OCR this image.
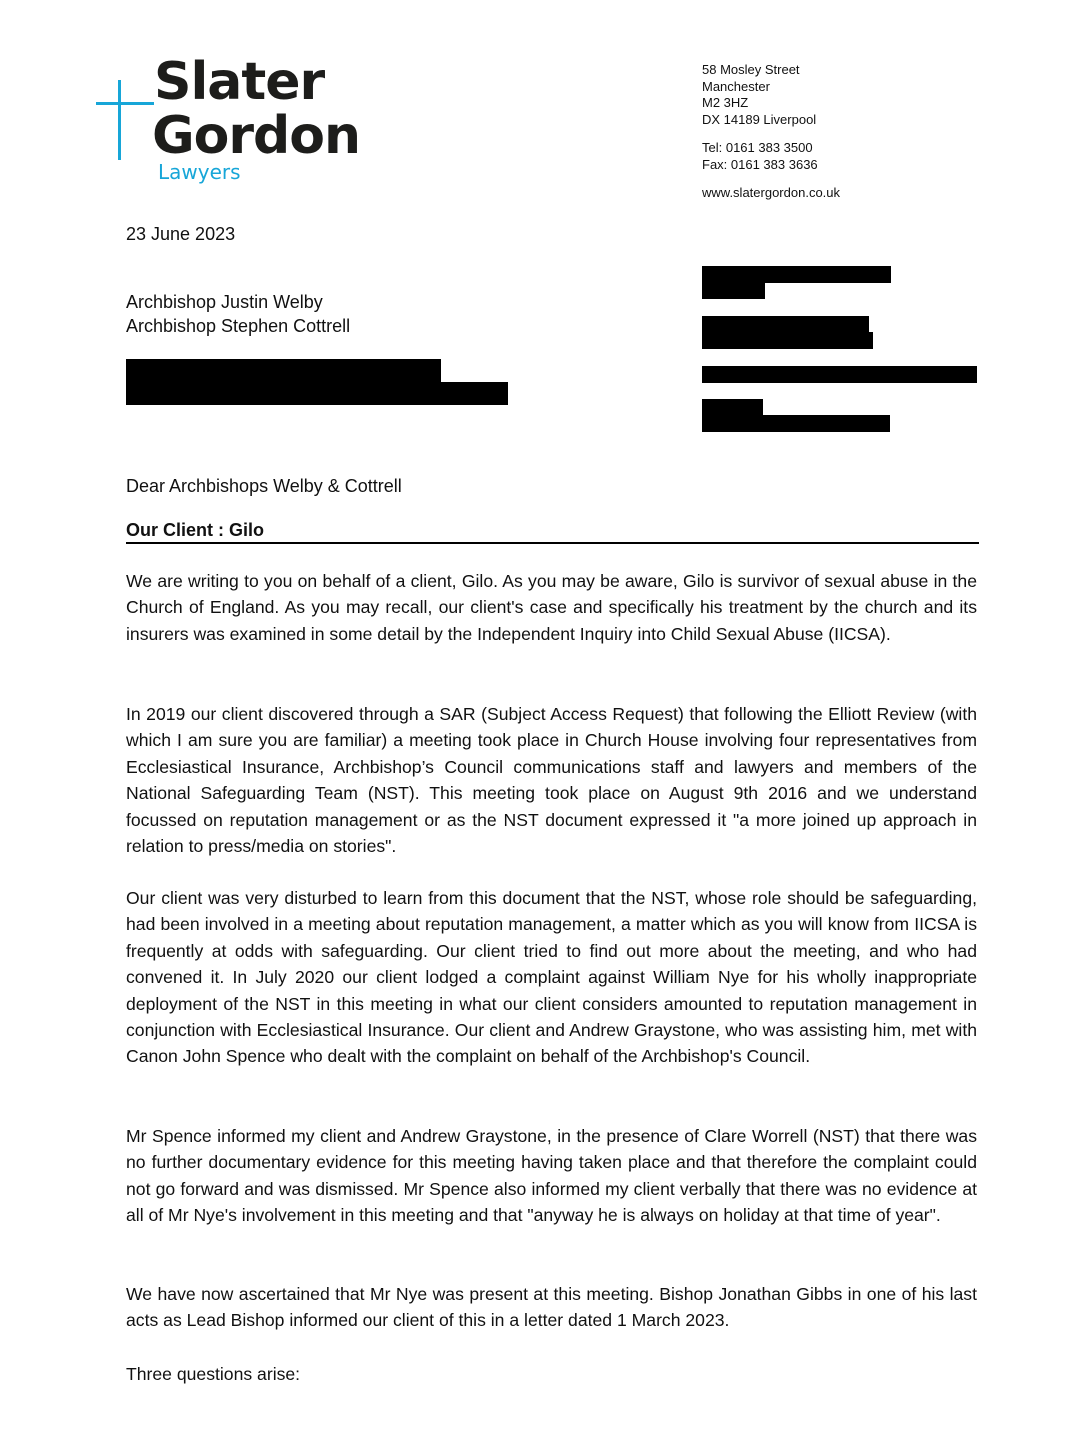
Slater
Gordon
Lawyers
58 Mosley Street
Manchester
M2 3HZ
DX 14189 Liverpool
Tel: 0161 383 3500
Fax: 0161 383 3636
www.slatergordon.co.uk
23 June 2023
Archbishop Justin Welby
Archbishop Stephen Cottrell
Dear Archbishops Welby & Cottrell
Our Client : Gilo

We are writing to you on behalf of a client, Gilo. As you may be aware, Gilo is survivor of sexual abuse in the Church of England. As you may recall, our client's case and specifically his treatment by the church and its insurers was examined in some detail by the Independent Inquiry into Child Sexual Abuse (IICSA).

In 2019 our client discovered through a SAR (Subject Access Request) that following the Elliott Review (with which I am sure you are familiar) a meeting took place in Church House involving four representatives from Ecclesiastical Insurance, Archbishop’s Council communications staff and lawyers and members of the National Safeguarding Team (NST). This meeting took place on August 9th 2016 and we understand focussed on reputation management or as the NST document expressed it "a more joined up approach in relation to press/media on stories".

Our client was very disturbed to learn from this document that the NST, whose role should be safeguarding, had been involved in a meeting about reputation management, a matter which as you will know from IICSA is frequently at odds with safeguarding. Our client tried to find out more about the meeting, and who had convened it. In July 2020 our client lodged a complaint against William Nye for his wholly inappropriate deployment of the NST in this meeting in what our client considers amounted to reputation management in conjunction with Ecclesiastical Insurance. Our client and Andrew Graystone, who was assisting him, met with Canon John Spence who dealt with the complaint on behalf of the Archbishop's Council.

Mr Spence informed my client and Andrew Graystone, in the presence of Clare Worrell (NST) that there was no further documentary evidence for this meeting having taken place and that therefore the complaint could not go forward and was dismissed. Mr Spence also informed my client verbally that there was no evidence at all of Mr Nye's involvement in this meeting and that "anyway he is always on holiday at that time of year".

We have now ascertained that Mr Nye was present at this meeting. Bishop Jonathan Gibbs in one of his last acts as Lead Bishop informed our client of this in a letter dated 1 March 2023.

Three questions arise:
